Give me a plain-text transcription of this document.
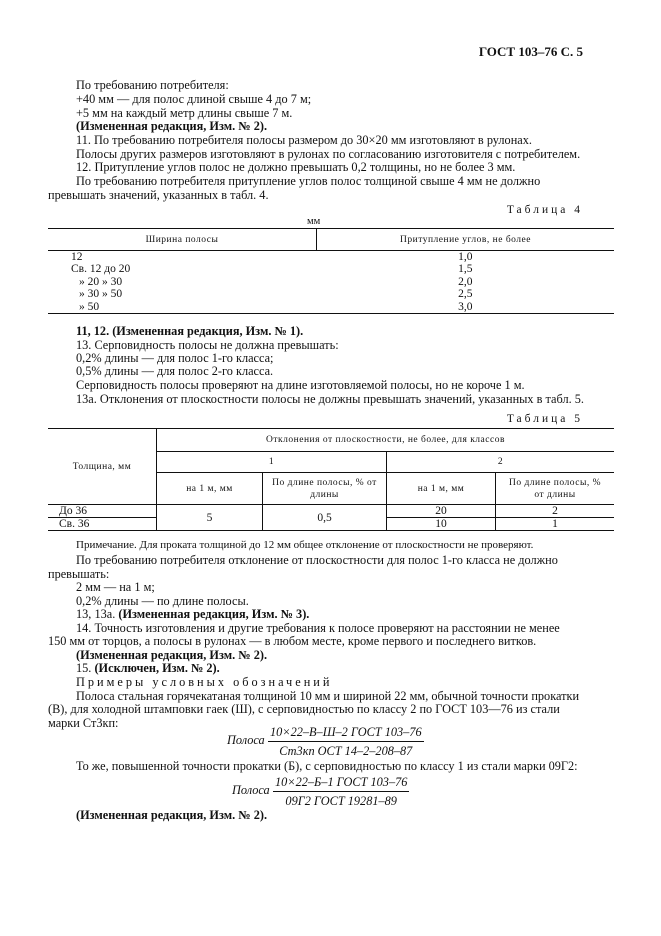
ГОСТ 103–76 С. 5
По требованию потребителя:
+40 мм — для полос длиной свыше 4 до 7 м;
+5 мм на каждый метр длины свыше 7 м.
(Измененная редакция, Изм. № 2).
11. По требованию потребителя полосы размером до 30×20 мм изготовляют в рулонах.
Полосы других размеров изготовляют в рулонах по согласованию изготовителя с потребителем.
12. Притупление углов полос не должно превышать 0,2 толщины, но не более 3 мм.
По требованию потребителя притупление углов полос толщиной свыше 4 мм не должно
превышать значений, указанных в табл. 4.
Таблица 4
мм
Ширина полосы	Притупление углов, не более
12	1,0
Св. 12 до 20	1,5
» 20 » 30	2,0
» 30 » 50	2,5
» 50	3,0
11, 12. (Измененная редакция, Изм. № 1).
13. Серповидность полосы не должна превышать:
0,2% длины — для полос 1-го класса;
0,5% длины — для полос 2-го класса.
Серповидность полосы проверяют на длине изготовляемой полосы, но не короче 1 м.
13а. Отклонения от плоскостности полосы не должны превышать значений, указанных в табл. 5.
Таблица 5
Толщина, мм	Отклонения от плоскостности, не более, для классов			
	1		2	
	на 1 м, мм	По длине полосы, % от длины	на 1 м, мм	По длине полосы, % от длины
До 36	5	0,5	20	2
Св. 36			10	1
Примечание. Для проката толщиной до 12 мм общее отклонение от плоскостности не проверяют.
По требованию потребителя отклонение от плоскостности для полос 1-го класса не должно
превышать:
2 мм — на 1 м;
0,2% длины — по длине полосы.
13, 13а. (Измененная редакция, Изм. № 3).
14. Точность изготовления и другие требования к полосе проверяют на расстоянии не менее
150 мм от торцов, а полосы в рулонах — в любом месте, кроме первого и последнего витков.
(Измененная редакция, Изм. № 2).
15. (Исключен, Изм. № 2).
Примеры условных обозначений
Полоса стальная горячекатаная толщиной 10 мм и шириной 22 мм, обычной точности прокатки
(В), для холодной штамповки гаек (Ш), с серповидностью по классу 2 по ГОСТ 103—76 из стали
марки Ст3кп:
Полоса
10×22–В–Ш–2 ГОСТ 103–76
Ст3кп ОСТ 14–2–208–87
То же, повышенной точности прокатки (Б), с серповидностью по классу 1 из стали марки 09Г2:
Полоса
10×22–Б–1 ГОСТ 103–76
09Г2 ГОСТ 19281–89
(Измененная редакция, Изм. № 2).
